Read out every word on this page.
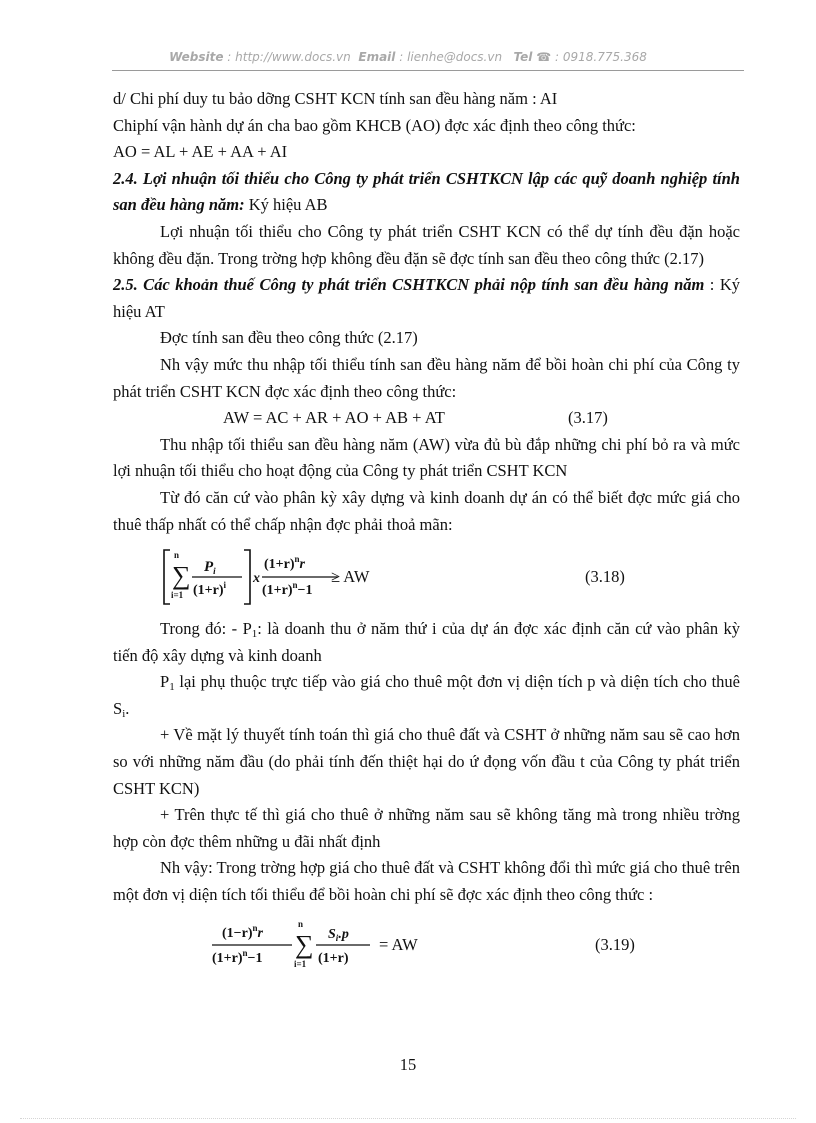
Website : http://www.docs.vn Email : lienhe@docs.vn Tel ☎ : 0918.775.368

d/ Chi phí duy tu bảo dỡng CSHT KCN tính san đều hàng năm : AI

Chiphí vận hành dự án cha bao gồm KHCB (AO) đợc xác định theo công thức:

AO = AL + AE + AA + AI

2.4. Lợi nhuận tối thiểu cho Công ty phát triển CSHTKCN lập các quỹ doanh nghiệp tính san đều hàng năm: Ký hiệu AB

Lợi nhuận tối thiểu cho Công ty phát triển CSHT KCN có thể dự tính đều đặn hoặc không đều đặn. Trong trờng hợp không đều đặn sẽ đợc tính san đều theo công thức (2.17)

2.5. Các khoản thuế Công ty phát triển CSHTKCN phải nộp tính san đều hàng năm : Ký hiệu AT

Đợc tính san đều theo công thức (2.17)

Nh vậy mức thu nhập tối thiểu tính san đều hàng năm để bồi hoàn chi phí của Công ty phát triển CSHT KCN đợc xác định theo công thức:

AW = AC + AR + AO + AB + AT	(3.17)

Thu nhập tối thiểu san đều hàng năm (AW) vừa đủ bù đắp những chi phí bỏ ra và mức lợi nhuận tối thiểu cho hoạt động của Công ty phát triển CSHT KCN

Từ đó căn cứ vào phân kỳ xây dựng và kinh doanh dự án có thể biết đợc mức giá cho thuê thấp nhất có thể chấp nhận đợc phải thoả mãn:

n
∑
i=1
$P_i$
$(1+r)^i$ x
$(1+r)^nr$
$(1+r)^n-1$
≥ AW	(3.18)

Trong đó: - $P_1$: là doanh thu ở năm thứ i của dự án đợc xác định căn cứ vào phân kỳ tiến độ xây dựng và kinh doanh

$P_1$ lại phụ thuộc trực tiếp vào giá cho thuê một đơn vị diện tích p và diện tích cho thuê $S_i$.

+ Về mặt lý thuyết tính toán thì giá cho thuê đất và CSHT ở những năm sau sẽ cao hơn so với những năm đầu (do phải tính đến thiệt hại do ứ đọng vốn đầu t của Công ty phát triển CSHT KCN)

+ Trên thực tế thì giá cho thuê ở những năm sau sẽ không tăng mà trong nhiều trờng hợp còn đợc thêm những u đãi nhất định

Nh vậy: Trong trờng hợp giá cho thuê đất và CSHT không đổi thì mức giá cho thuê trên một đơn vị diện tích tối thiểu để bồi hoàn chi phí sẽ đợc xác định theo công thức :

$(1-r)^nr$
$(1+r)^n-1$
n
∑
i=1
$S_i.p$
(1+r)
= AW	(3.19)
15
